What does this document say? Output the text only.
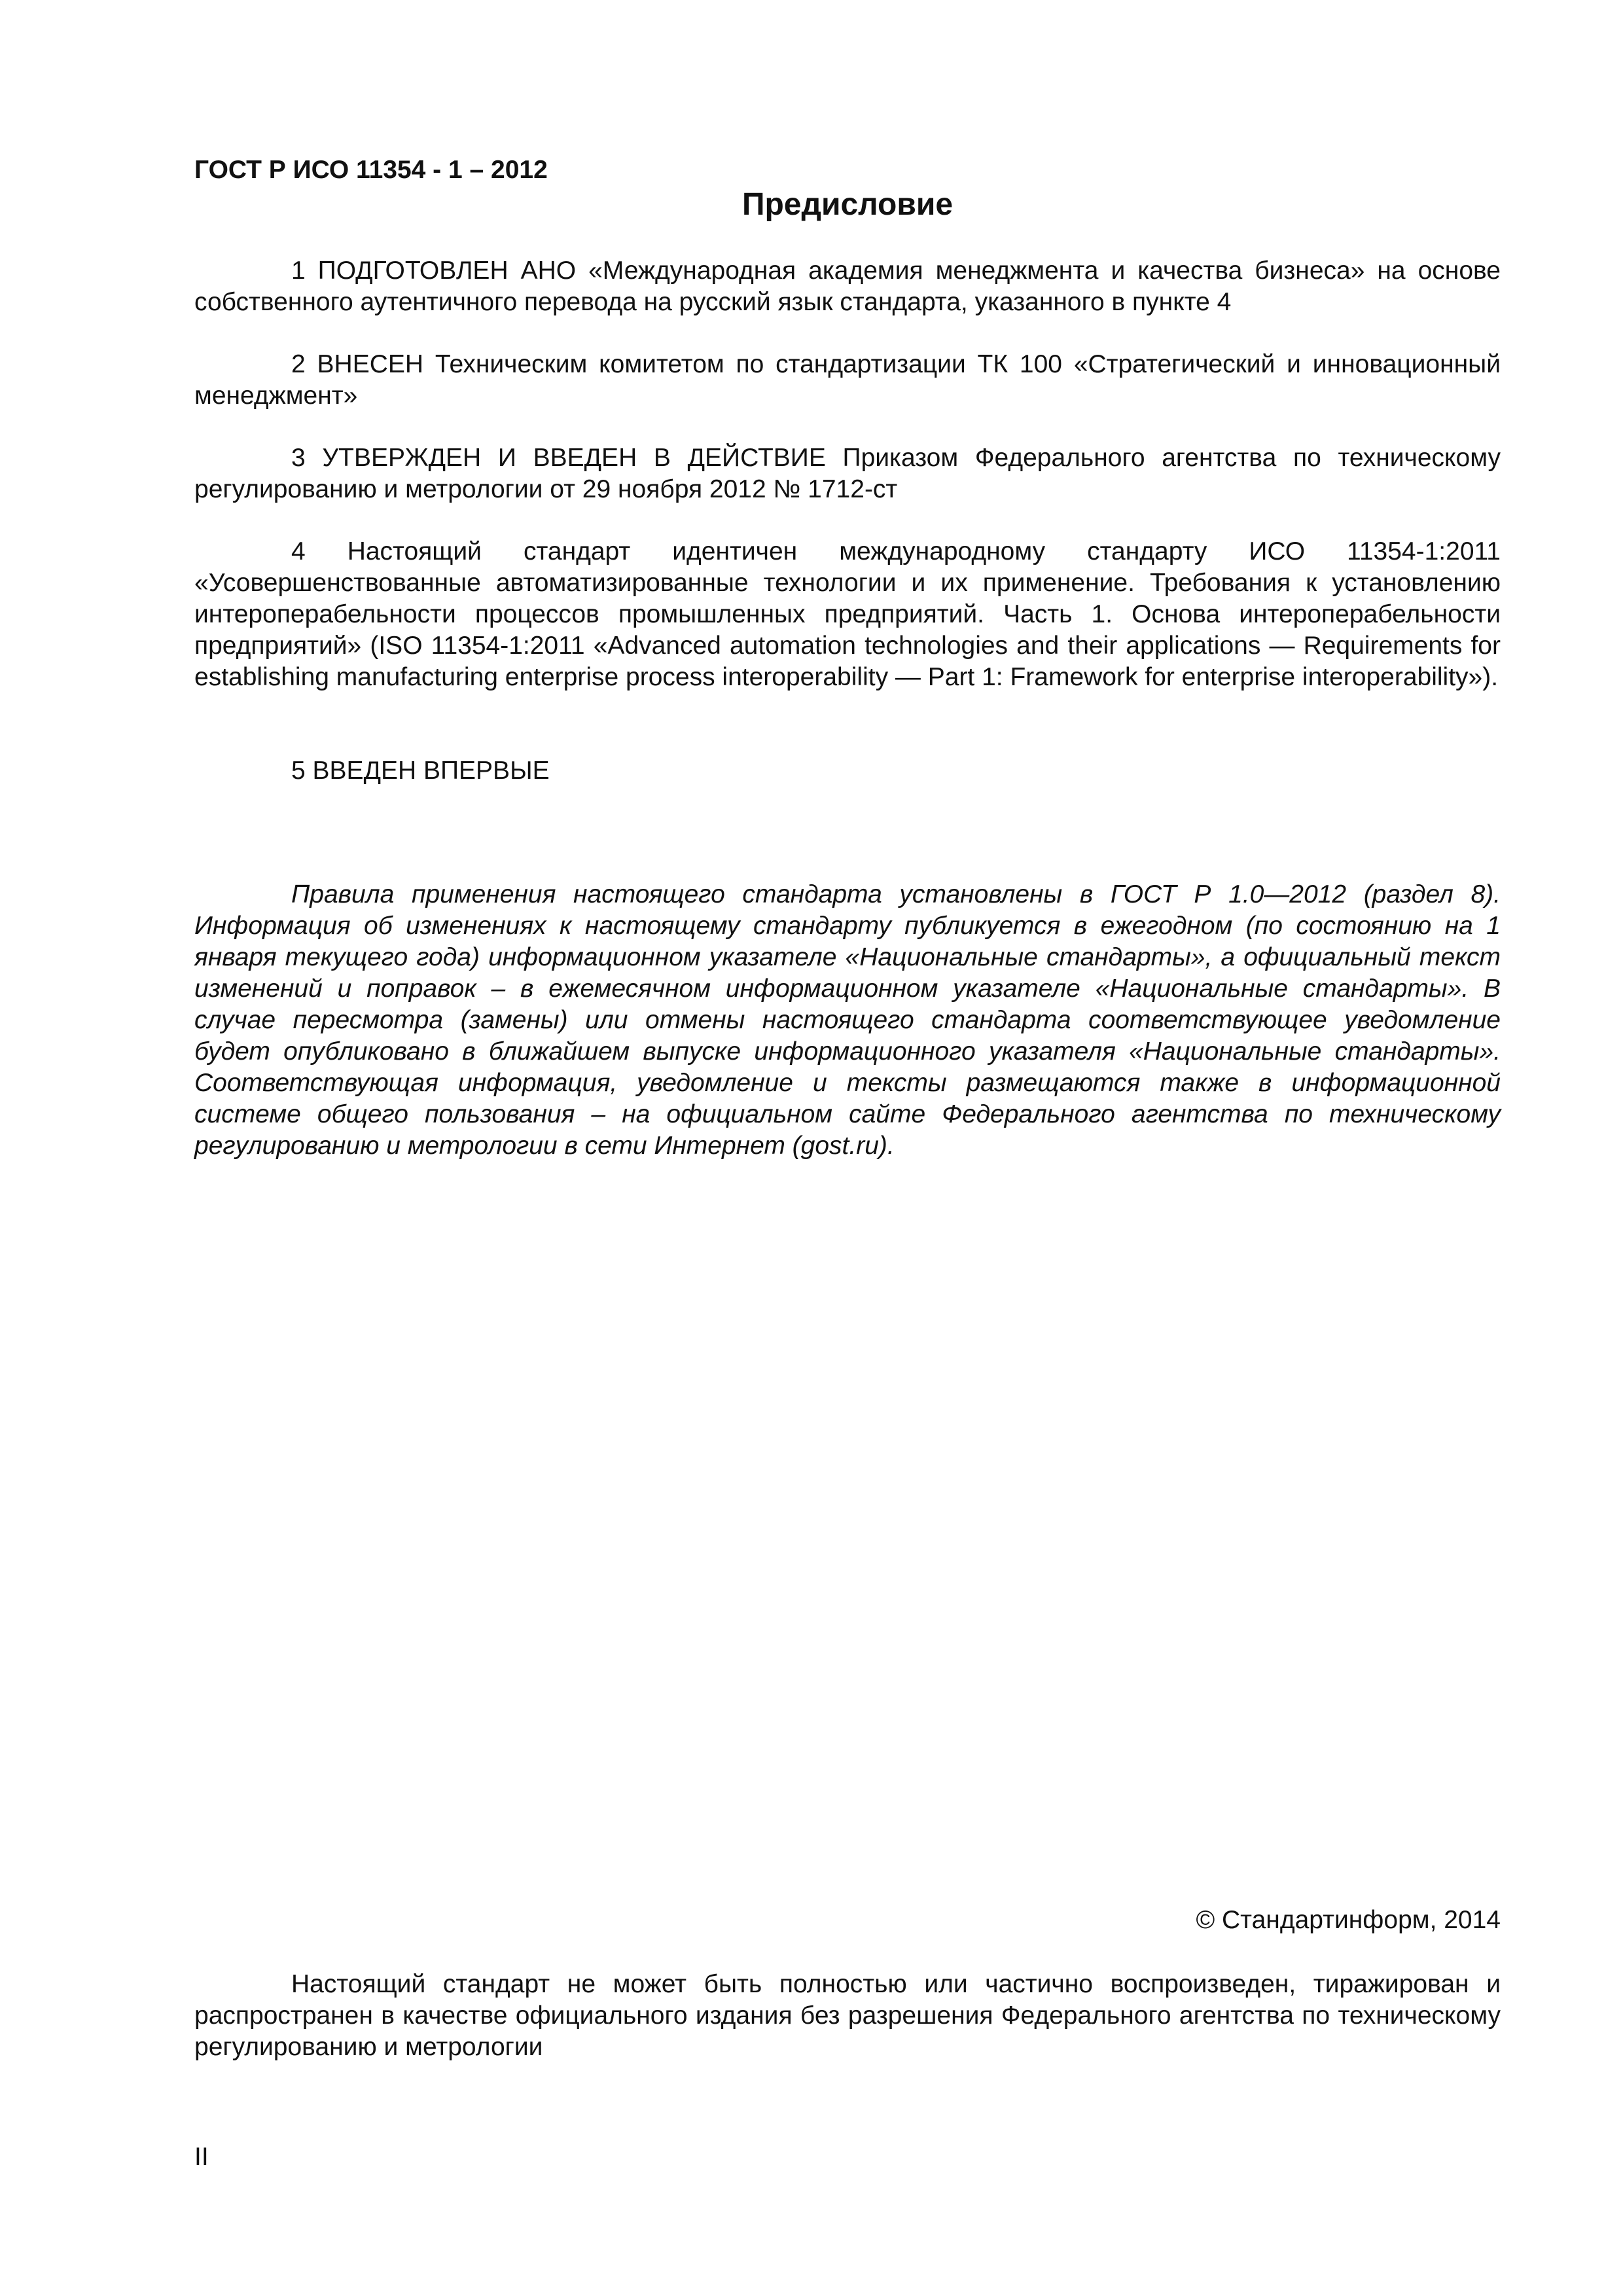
ГОСТ Р ИСО 11354 - 1 – 2012
Предисловие

1 ПОДГОТОВЛЕН АНО «Международная академия менеджмента и качества бизнеса» на основе собственного аутентичного перевода на русский язык стандарта, указанного в пункте 4

2 ВНЕСЕН Техническим комитетом по стандартизации ТК 100 «Стратегический и инновационный менеджмент»

3 УТВЕРЖДЕН И ВВЕДЕН В ДЕЙСТВИЕ Приказом Федерального агентства по техническому регулированию и метрологии от 29 ноября 2012 № 1712-ст

4 Настоящий стандарт идентичен международному стандарту ИСО 11354-1:2011 «Усовершенствованные автоматизированные технологии и их применение. Требования к установлению интероперабельности процессов промышленных предприятий. Часть 1. Основа интероперабельности предприятий» (ISO 11354-1:2011 «Advanced automation technologies and their applications — Requirements for establishing manufacturing enterprise process interoperability — Part 1: Framework for enterprise interoperability»).

5 ВВЕДЕН ВПЕРВЫЕ

Правила применения настоящего стандарта установлены в ГОСТ Р 1.0—2012 (раздел 8). Информация об изменениях к настоящему стандарту публикуется в ежегодном (по состоянию на 1 января текущего года) информационном указателе «Национальные стандарты», а официальный текст изменений и поправок – в ежемесячном информационном указателе «Национальные стандарты». В случае пересмотра (замены) или отмены настоящего стандарта соответствующее уведомление будет опубликовано в ближайшем выпуске информационного указателя «Национальные стандарты». Соответствующая информация, уведомление и тексты размещаются также в информационной системе общего пользования – на официальном сайте Федерального агентства по техническому регулированию и метрологии в сети Интернет (gost.ru).

© Стандартинформ, 2014

Настоящий стандарт не может быть полностью или частично воспроизведен, тиражирован и распространен в качестве официального издания без разрешения Федерального агентства по техническому регулированию и метрологии

II
